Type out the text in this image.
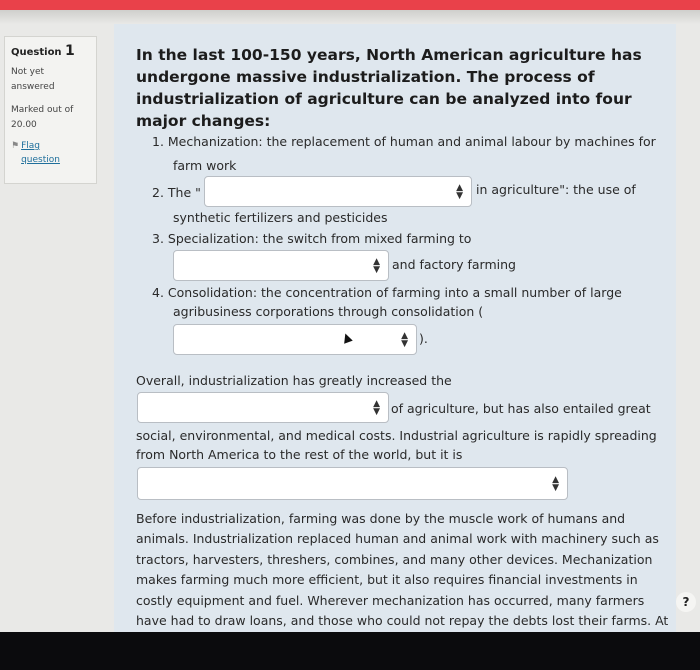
Question 1
Not yet
answered
Marked out of
20.00
⚑ Flag
question
In the last 100-150 years, North American agriculture has undergone massive industrialization. The process of industrialization of agriculture can be analyzed into four major changes:
1. Mechanization: the replacement of human and animal labour by machines for
farm work
2. The "	▲
▼ in agriculture": the use of
synthetic fertilizers and pesticides
3. Specialization: the switch from mixed farming to
▲
▼ and factory farming
4. Consolidation: the concentration of farming into a small number of large
agribusiness corporations through consolidation (
▲
▼ ).
▲
Overall, industrialization has greatly increased the
▲
▼ of agriculture, but has also entailed great
social, environmental, and medical costs. Industrial agriculture is rapidly spreading
from North America to the rest of the world, but it is
▲
▼
Before industrialization, farming was done by the muscle work of humans and
animals. Industrialization replaced human and animal work with machinery such as
tractors, harvesters, threshers, combines, and many other devices. Mechanization
makes farming much more efficient, but it also requires financial investments in
costly equipment and fuel. Wherever mechanization has occurred, many farmers
have had to draw loans, and those who could not repay the debts lost their farms. At
?
